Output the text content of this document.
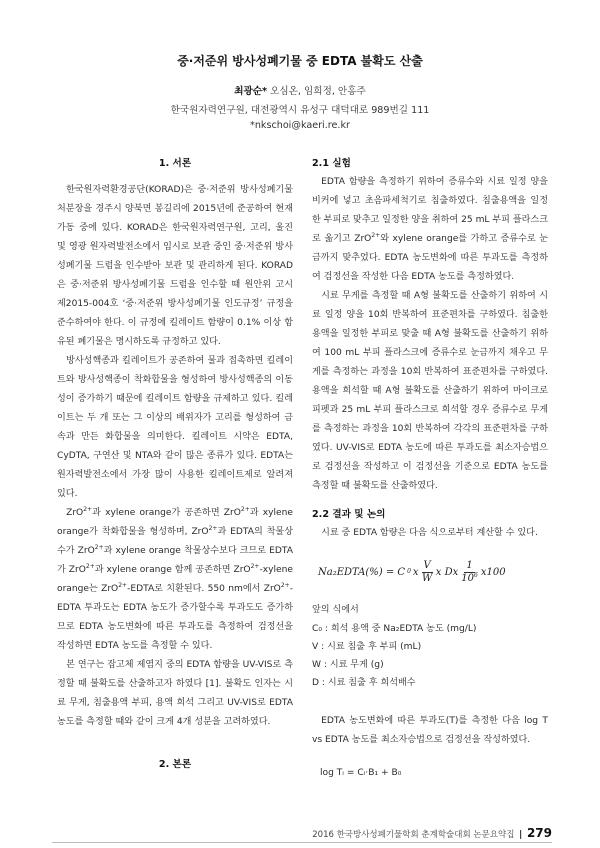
중·저준위 방사성폐기물 중 EDTA 불확도 산출
최광순* 오심온, 임희정, 안홍주
한국원자력연구원, 대전광역시 유성구 대덕대로 989번길 111
*nkschoi@kaeri.re.kr
1. 서론

한국원자력환경공단(KORAD)은 중·저준위 방사성폐기물 처분장을 경주시 양북면 봉길리에 2015년에 준공하여 현재 가동 중에 있다. KORAD은 한국원자력연구원, 고리, 울진 및 영광 원자력발전소에서 임시로 보관 중인 중·저준위 방사성폐기물 드럼을 인수받아 보관 및 관리하게 된다. KORAD은 중·저준위 방사성폐기물 드럼을 인수할 때 원안위 고시 제2015-004호 ‘중·저준위 방사성폐기물 인도규정’ 규정을 준수하여야 한다. 이 규정에 킬레이트 함량이 0.1% 이상 함유된 폐기물은 명시하도록 규정하고 있다.

방사성핵종과 킬레이트가 공존하여 물과 접촉하면 킬레이트와 방사성핵종이 착화합물을 형성하여 방사성핵종의 이동성이 증가하기 때문에 킬레이트 함량을 규제하고 있다. 킬레이트는 두 개 또는 그 이상의 배위자가 고리를 형성하여 금속과 만든 화합물을 의미한다. 킬레이트 시약은 EDTA, CyDTA, 구연산 및 NTA와 같이 많은 종류가 있다. EDTA는 원자력발전소에서 가장 많이 사용한 킬레이트제로 알려져 있다.

ZrO$^{2+}$과 xylene orange가 공존하면 ZrO$^{2+}$과 xylene orange가 착화합물을 형성하며, ZrO$^{2+}$과 EDTA의 착물상수가 ZrO$^{2+}$과 xylene orange 착물상수보다 크므로 EDTA가 ZrO$^{2+}$과 xylene orange 함께 공존하면 ZrO$^{2+}$-xylene orange는 ZrO$^{2+}$-EDTA로 치환된다. 550 nm에서 ZrO$^{2+}$-EDTA 투과도는 EDTA 농도가 증가할수록 투과도도 증가하므로 EDTA 농도변화에 따른 투과도를 측정하여 검정선을 작성하면 EDTA 농도를 측정할 수 있다.

본 연구는 잡고체 제염지 중의 EDTA 함량을 UV-VIS로 측정할 때 불확도를 산출하고자 하였다 [1]. 불확도 인자는 시료 무게, 침출용액 부피, 용액 희석 그리고 UV-VIS로 EDTA 농도를 측정할 때와 같이 크게 4개 성분을 고려하였다.

2. 본론
2.1 실험

EDTA 함량을 측정하기 위하여 증류수와 시료 일정 양을 비커에 넣고 초음파세척기로 침출하였다. 침출용액을 일정한 부피로 맞추고 일정한 양을 취하여 25 mL 부피 플라스크로 옮기고 ZrO$^{2+}$와 xylene orange를 가하고 증류수로 눈금까지 맞추었다. EDTA 농도변화에 따른 투과도를 측정하여 검정선을 작성한 다음 EDTA 농도를 측정하였다.

시료 무게를 측정할 때 A형 불확도를 산출하기 위하여 시료 일정 양을 10회 반복하여 표준편차를 구하였다. 침출한 용액을 일정한 부피로 맞출 때 A형 불확도를 산출하기 위하여 100 mL 부피 플라스크에 증류수로 눈금까지 채우고 무게를 측정하는 과정을 10회 반복하여 표준편차를 구하였다. 용액을 희석할 때 A형 불확도를 산출하기 위하여 마이크로 피펫과 25 mL 부피 플라스크로 희석할 경우 증류수로 무게를 측정하는 과정을 10회 반복하여 각각의 표준편차를 구하였다. UV-VIS로 EDTA 농도에 따른 투과도를 최소자승법으로 검정선을 작성하고 이 검정선을 기준으로 EDTA 농도를 측정할 때 불확도를 산출하였다.

2.2 결과 및 논의

시료 중 EDTA 함량은 다음 식으로부터 계산할 수 있다.

Na₂EDTA(%) = C 0 x $\frac{V}{W}$ x Dx $\frac{1}{10^6} x100$

앞의 식에서

C₀ : 희석 용액 중 Na₂EDTA 농도 (mg/L)
V : 시료 침출 후 부피 (mL)
W : 시료 무게 (g)
D : 시료 침출 후 희석배수

EDTA 농도변화에 따른 투과도(T)를 측정한 다음 log T vs EDTA 농도를 최소자승법으로 검정선을 작성하였다.

log Tᵢ = Cᵢ·B₁ + B₀
2016 한국방사성폐기물학회 춘계학술대회 논문요약집 | 279
